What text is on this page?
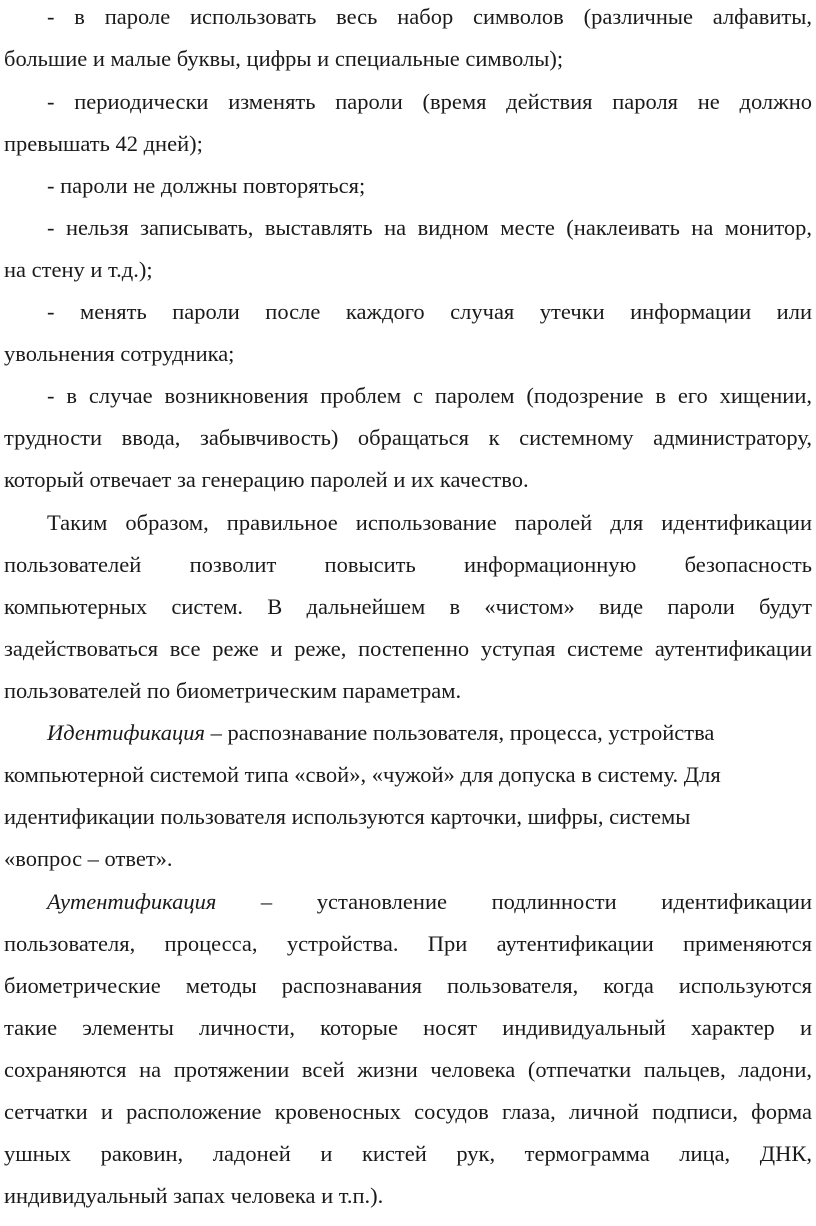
- в пароле использовать весь набор символов (различные алфавиты,
большие и малые буквы, цифры и специальные символы);
- периодически изменять пароли (время действия пароля не должно
превышать 42 дней);
- пароли не должны повторяться;
- нельзя записывать, выставлять на видном месте (наклеивать на монитор,
на стену и т.д.);
- менять пароли после каждого случая утечки информации или
увольнения сотрудника;
- в случае возникновения проблем с паролем (подозрение в его хищении,
трудности ввода, забывчивость) обращаться к системному администратору,
который отвечает за генерацию паролей и их качество.
Таким образом, правильное использование паролей для идентификации
пользователей позволит повысить информационную безопасность
компьютерных систем. В дальнейшем в «чистом» виде пароли будут
задействоваться все реже и реже, постепенно уступая системе аутентификации
пользователей по биометрическим параметрам.
Идентификация – распознавание пользователя, процесса, устройства
компьютерной системой типа «свой», «чужой» для допуска в систему. Для
идентификации пользователя используются карточки, шифры, системы
«вопрос – ответ».
Аутентификация – установление подлинности идентификации
пользователя, процесса, устройства. При аутентификации применяются
биометрические методы распознавания пользователя, когда используются
такие элементы личности, которые носят индивидуальный характер и
сохраняются на протяжении всей жизни человека (отпечатки пальцев, ладони,
сетчатки и расположение кровеносных сосудов глаза, личной подписи, форма
ушных раковин, ладоней и кистей рук, термограмма лица, ДНК,
индивидуальный запах человека и т.п.).
